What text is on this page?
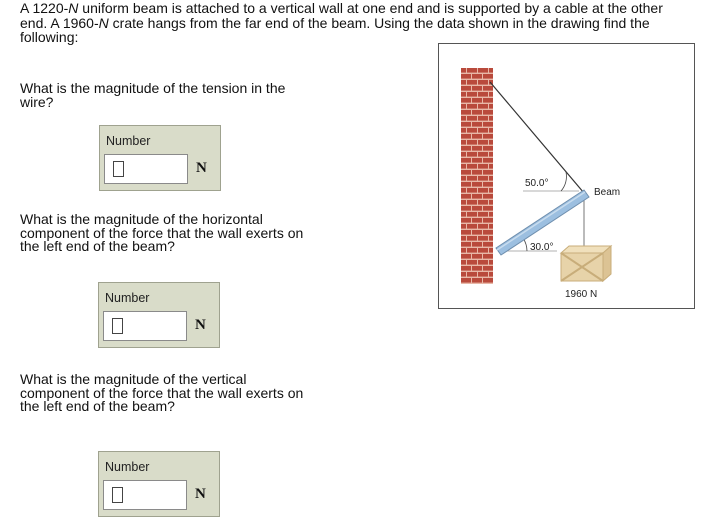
A 1220-N uniform beam is attached to a vertical wall at one end and is supported by a cable at the other
end. A 1960-N crate hangs from the far end of the beam. Using the data shown in the drawing find the
following:
What is the magnitude of the tension in the
wire?
Number
N
What is the magnitude of the horizontal
component of the force that the wall exerts on
the left end of the beam?
Number
N
What is the magnitude of the vertical
component of the force that the wall exerts on
the left end of the beam?
Number
N
50.0°
30.0°
Beam
1960 N
